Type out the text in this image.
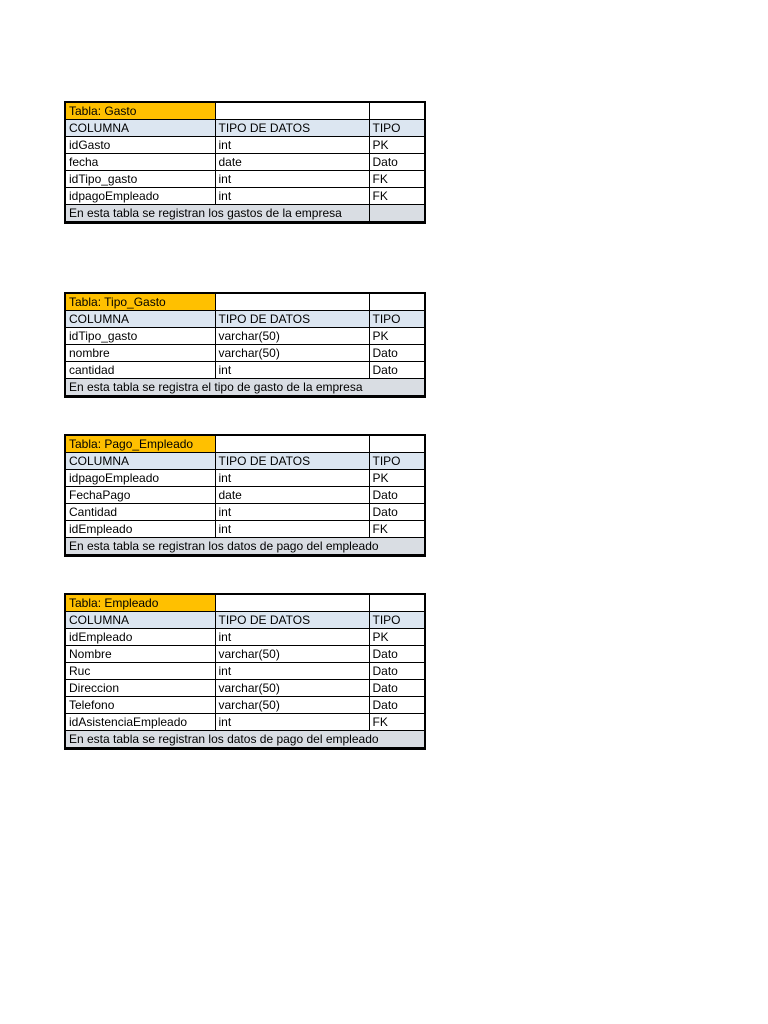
Tabla: Gasto		
COLUMNA	TIPO DE DATOS	TIPO
idGasto	int	PK
fecha	date	Dato
idTipo_gasto	int	FK
idpagoEmpleado	int	FK
En esta tabla se registran los gastos de la empresa		
Tabla: Tipo_Gasto		
COLUMNA	TIPO DE DATOS	TIPO
idTipo_gasto	varchar(50)	PK
nombre	varchar(50)	Dato
cantidad	int	Dato
En esta tabla se registra el tipo de gasto de la empresa		
Tabla: Pago_Empleado		
COLUMNA	TIPO DE DATOS	TIPO
idpagoEmpleado	int	PK
FechaPago	date	Dato
Cantidad	int	Dato
idEmpleado	int	FK
En esta tabla se registran los datos de pago del empleado		
Tabla: Empleado		
COLUMNA	TIPO DE DATOS	TIPO
idEmpleado	int	PK
Nombre	varchar(50)	Dato
Ruc	int	Dato
Direccion	varchar(50)	Dato
Telefono	varchar(50)	Dato
idAsistenciaEmpleado	int	FK
En esta tabla se registran los datos de pago del empleado		
